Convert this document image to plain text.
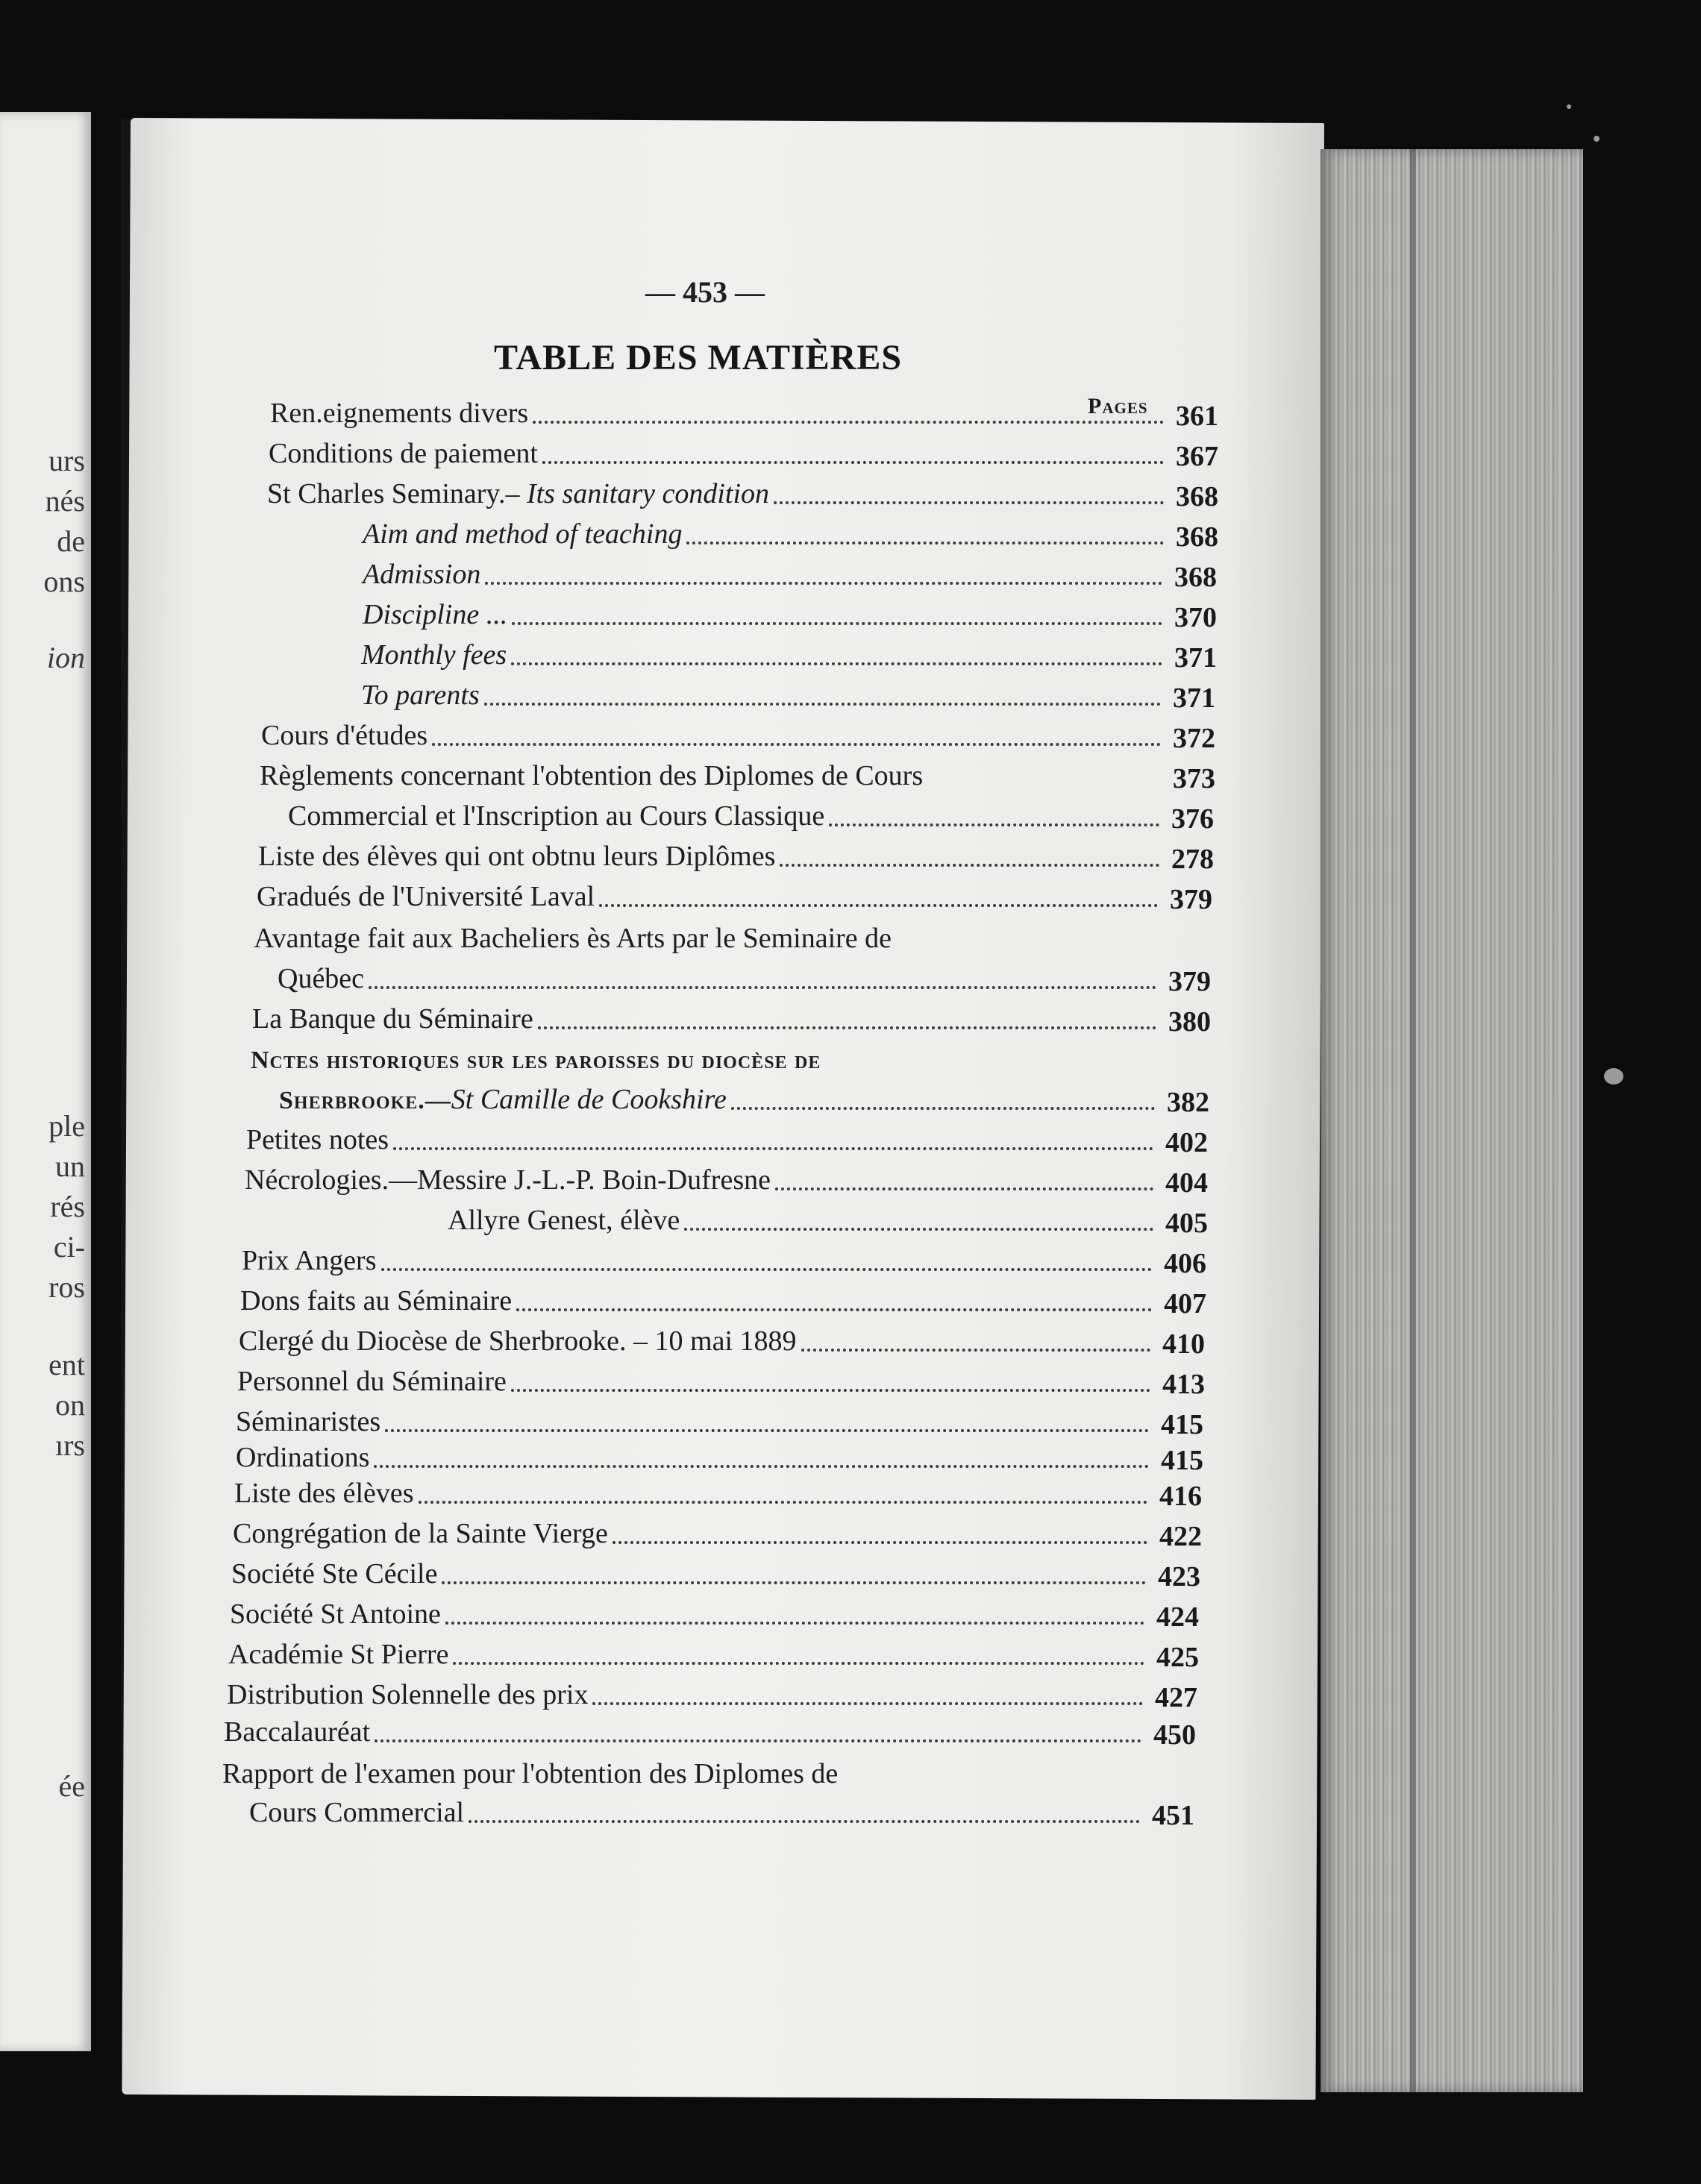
urs
nés
de
ons
ion
ple
un
rés
ci-
ros
ent
on
ırs
ée
— 453 —
TABLE DES MATIÈRES
Pages
Ren.eignements divers	361
Conditions de paiement	367
St Charles Seminary.– Its sanitary condition	368
Aim and method of teaching	368
Admission	368
Discipline ...	370
Monthly fees	371
To parents	371
Cours d'études	372
Règlements concernant l'obtention des Diplomes de Cours	373
Commercial et l'Inscription au Cours Classique	376
Liste des élèves qui ont obtnu leurs Diplômes	278
Gradués de l'Université Laval	379
Avantage fait aux Bacheliers ès Arts par le Seminaire de
Québec	379
La Banque du Séminaire	380
Nctes historiques sur les paroisses du diocèse de
Sherbrooke.—St Camille de Cookshire	382
Petites notes	402
Nécrologies.—Messire J.-L.-P. Boin-Dufresne	404
Allyre Genest, élève	405
Prix Angers	406
Dons faits au Séminaire	407
Clergé du Diocèse de Sherbrooke. – 10 mai 1889	410
Personnel du Séminaire	413
Séminaristes	415
Ordinations	415
Liste des élèves	416
Congrégation de la Sainte Vierge	422
Société Ste Cécile	423
Société St Antoine	424
Académie St Pierre	425
Distribution Solennelle des prix	427
Baccalauréat	450
Rapport de l'examen pour l'obtention des Diplomes de
Cours Commercial	451
